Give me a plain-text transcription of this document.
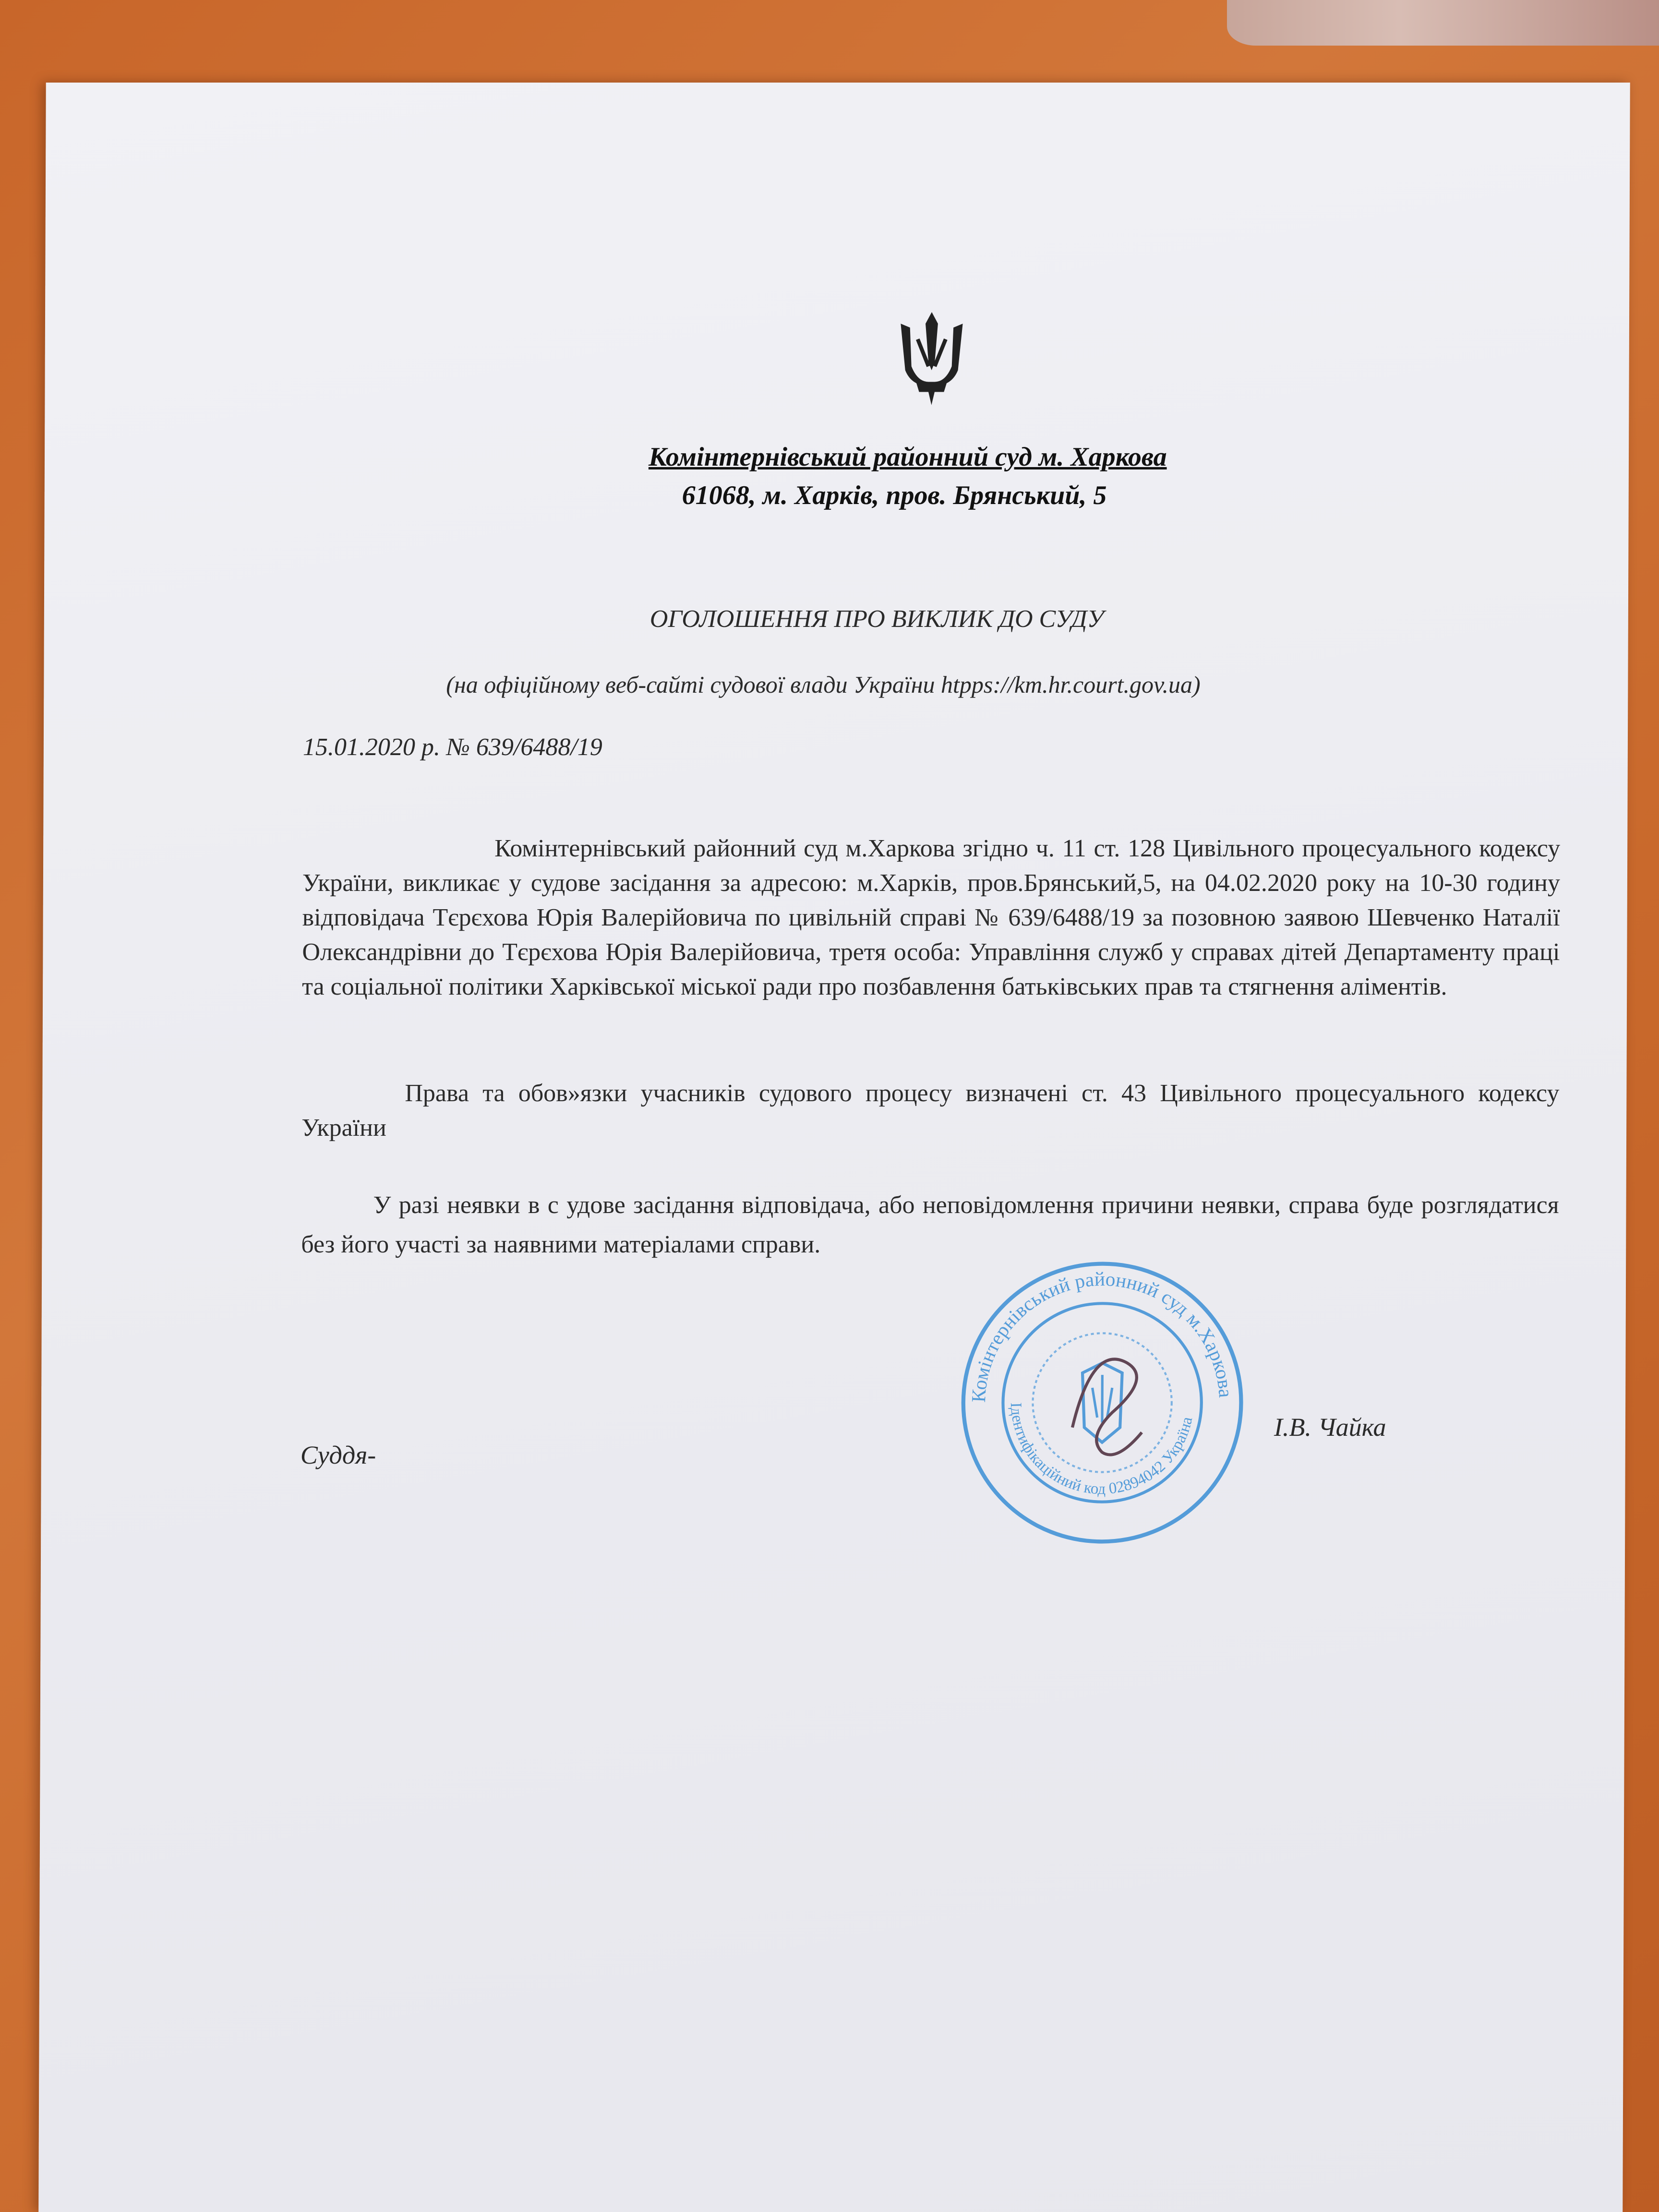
Комінтернівський районний суд м. Харкова
61068, м. Харків, пров. Брянський, 5
ОГОЛОШЕННЯ ПРО ВИКЛИК ДО СУДУ
(на офіційному веб-сайті судової влади України htpps://km.hr.court.gov.ua)
15.01.2020 р. № 639/6488/19
Комінтернівський районний суд м.Харкова згідно ч. 11 ст. 128 Цивільного процесуального кодексу України, викликає у судове засідання за адресою: м.Харків, пров.Брянський,5, на 04.02.2020 року на 10-30 годину відповідача Тєрєхова Юрія Валерійовича по цивільній справі № 639/6488/19 за позовною заявою Шевченко Наталії Олександрівни до Тєрєхова Юрія Валерійовича, третя особа: Управління служб у справах дітей Департаменту праці та соціальної політики Харківської міської ради про позбавлення батьківських прав та стягнення аліментів.
Права та обов»язки учасників судового процесу визначені ст. 43 Цивільного процесуального кодексу України
У разі неявки в с удове засідання відповідача, або неповідомлення причини неявки, справа буде розглядатися без його участі за наявними матеріалами справи.
Комінтернівський районний суд м.Харкова
Ідентифікаційний код 02894042 Україна
Суддя-
І.В. Чайка
